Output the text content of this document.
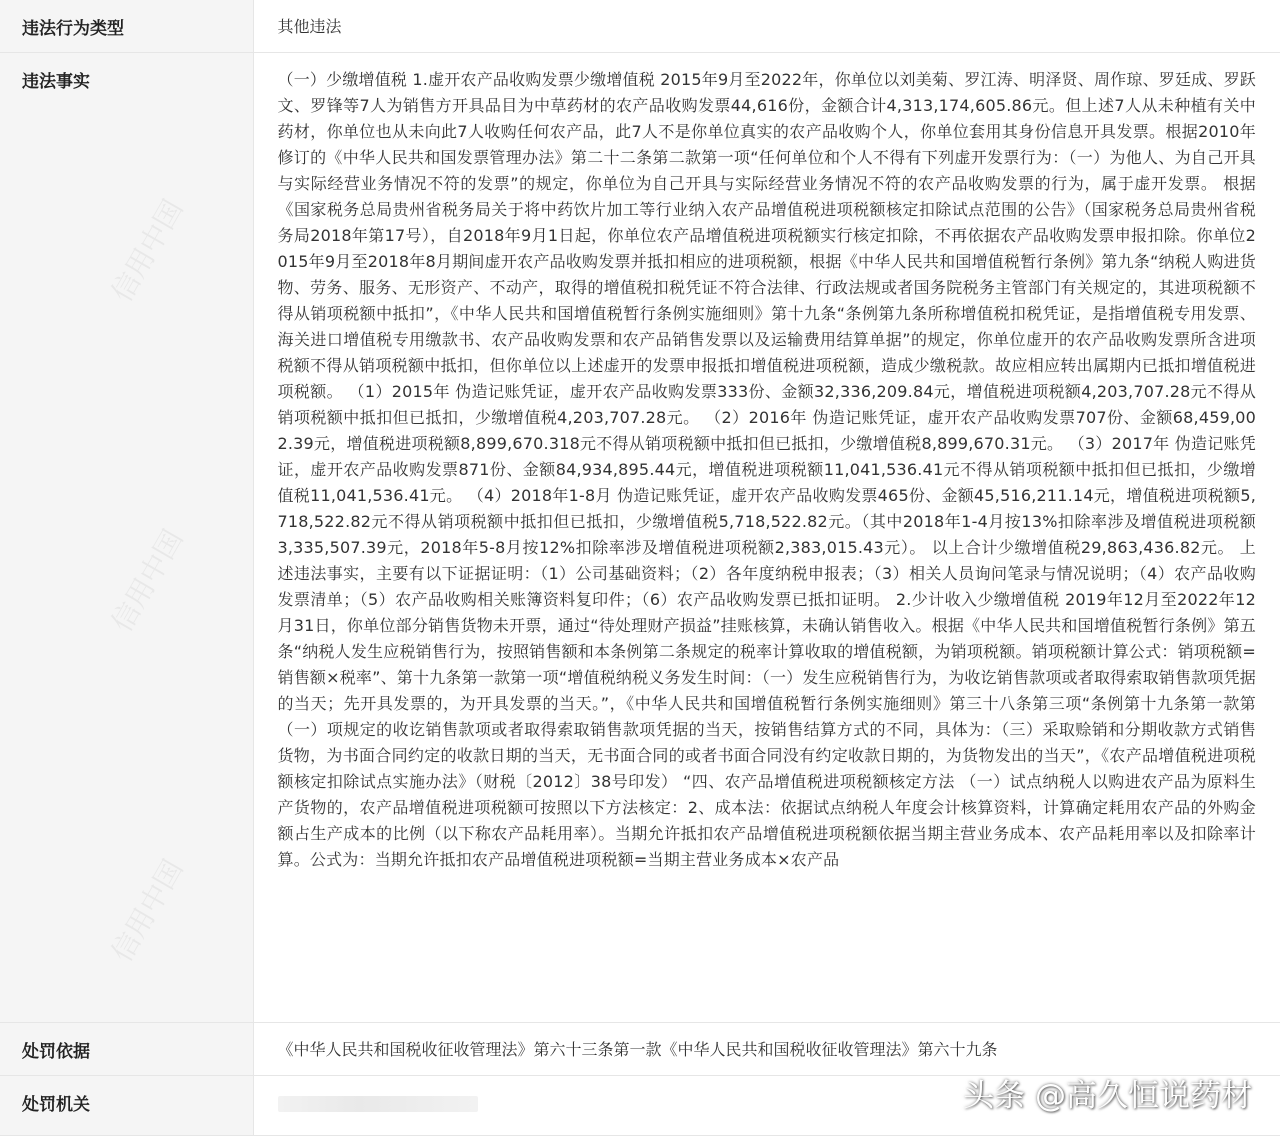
违法行为类型	其他违法
违法事实	（一）少缴增值税 1.虚开农产品收购发票少缴增值税 2015年9月至2022年，你单位以刘美菊、罗江涛、明泽贤、周作琼、罗廷成、罗跃文、罗锋等7人为销售方开具品目为中草药材的农产品收购发票44,616份，金额合计4,313,174,605.86元。但上述7人从未种植有关中药材，你单位也从未向此7人收购任何农产品，此7人不是你单位真实的农产品收购个人，你单位套用其身份信息开具发票。根据2010年修订的《中华人民共和国发票管理办法》第二十二条第二款第一项“任何单位和个人不得有下列虚开发票行为：（一）为他人、为自己开具与实际经营业务情况不符的发票”的规定，你单位为自己开具与实际经营业务情况不符的农产品收购发票的行为，属于虚开发票。 根据《国家税务总局贵州省税务局关于将中药饮片加工等行业纳入农产品增值税进项税额核定扣除试点范围的公告》（国家税务总局贵州省税务局2018年第17号），自2018年9月1日起，你单位农产品增值税进项税额实行核定扣除，不再依据农产品收购发票申报扣除。你单位2015年9月至2018年8月期间虚开农产品收购发票并抵扣相应的进项税额，根据《中华人民共和国增值税暂行条例》第九条“纳税人购进货物、劳务、服务、无形资产、不动产，取得的增值税扣税凭证不符合法律、行政法规或者国务院税务主管部门有关规定的，其进项税额不得从销项税额中抵扣”，《中华人民共和国增值税暂行条例实施细则》第十九条“条例第九条所称增值税扣税凭证，是指增值税专用发票、海关进口增值税专用缴款书、农产品收购发票和农产品销售发票以及运输费用结算单据”的规定，你单位虚开的农产品收购发票所含进项税额不得从销项税额中抵扣，但你单位以上述虚开的发票申报抵扣增值税进项税额，造成少缴税款。故应相应转出属期内已抵扣增值税进项税额。 （1）2015年 伪造记账凭证，虚开农产品收购发票333份、金额32,336,209.84元，增值税进项税额4,203,707.28元不得从销项税额中抵扣但已抵扣，少缴增值税4,203,707.28元。 （2）2016年 伪造记账凭证，虚开农产品收购发票707份、金额68,459,002.39元，增值税进项税额8,899,670.318元不得从销项税额中抵扣但已抵扣，少缴增值税8,899,670.31元。 （3）2017年 伪造记账凭证，虚开农产品收购发票871份、金额84,934,895.44元，增值税进项税额11,041,536.41元不得从销项税额中抵扣但已抵扣，少缴增值税11,041,536.41元。 （4）2018年1-8月 伪造记账凭证，虚开农产品收购发票465份、金额45,516,211.14元，增值税进项税额5,718,522.82元不得从销项税额中抵扣但已抵扣，少缴增值税5,718,522.82元。（其中2018年1-4月按13%扣除率涉及增值税进项税额3,335,507.39元，2018年5-8月按12%扣除率涉及增值税进项税额2,383,015.43元）。 以上合计少缴增值税29,863,436.82元。 上述违法事实，主要有以下证据证明：（1）公司基础资料；（2）各年度纳税申报表；（3）相关人员询问笔录与情况说明；（4）农产品收购发票清单；（5）农产品收购相关账簿资料复印件；（6）农产品收购发票已抵扣证明。 2.少计收入少缴增值税 2019年12月至2022年12月31日，你单位部分销售货物未开票，通过“待处理财产损益”挂账核算，未确认销售收入。根据《中华人民共和国增值税暂行条例》第五条“纳税人发生应税销售行为，按照销售额和本条例第二条规定的税率计算收取的增值税额，为销项税额。销项税额计算公式：销项税额=销售额×税率”、第十九条第一款第一项“增值税纳税义务发生时间：（一）发生应税销售行为，为收讫销售款项或者取得索取销售款项凭据的当天；先开具发票的，为开具发票的当天。”，《中华人民共和国增值税暂行条例实施细则》第三十八条第三项“条例第十九条第一款第（一）项规定的收讫销售款项或者取得索取销售款项凭据的当天，按销售结算方式的不同，具体为：（三）采取赊销和分期收款方式销售货物，为书面合同约定的收款日期的当天，无书面合同的或者书面合同没有约定收款日期的，为货物发出的当天”，《农产品增值税进项税额核定扣除试点实施办法》（财税〔2012〕38号印发） “四、农产品增值税进项税额核定方法 （一）试点纳税人以购进农产品为原料生产货物的，农产品增值税进项税额可按照以下方法核定：2、成本法：依据试点纳税人年度会计核算资料，计算确定耗用农产品的外购金额占生产成本的比例（以下称农产品耗用率）。当期允许抵扣农产品增值税进项税额依据当期主营业务成本、农产品耗用率以及扣除率计算。公式为：当期允许抵扣农产品增值税进项税额=当期主营业务成本×农产品

处罚依据	《中华人民共和国税收征收管理法》第六十三条第一款《中华人民共和国税收征收管理法》第六十九条
处罚机关		头条 @高久恒说药材
